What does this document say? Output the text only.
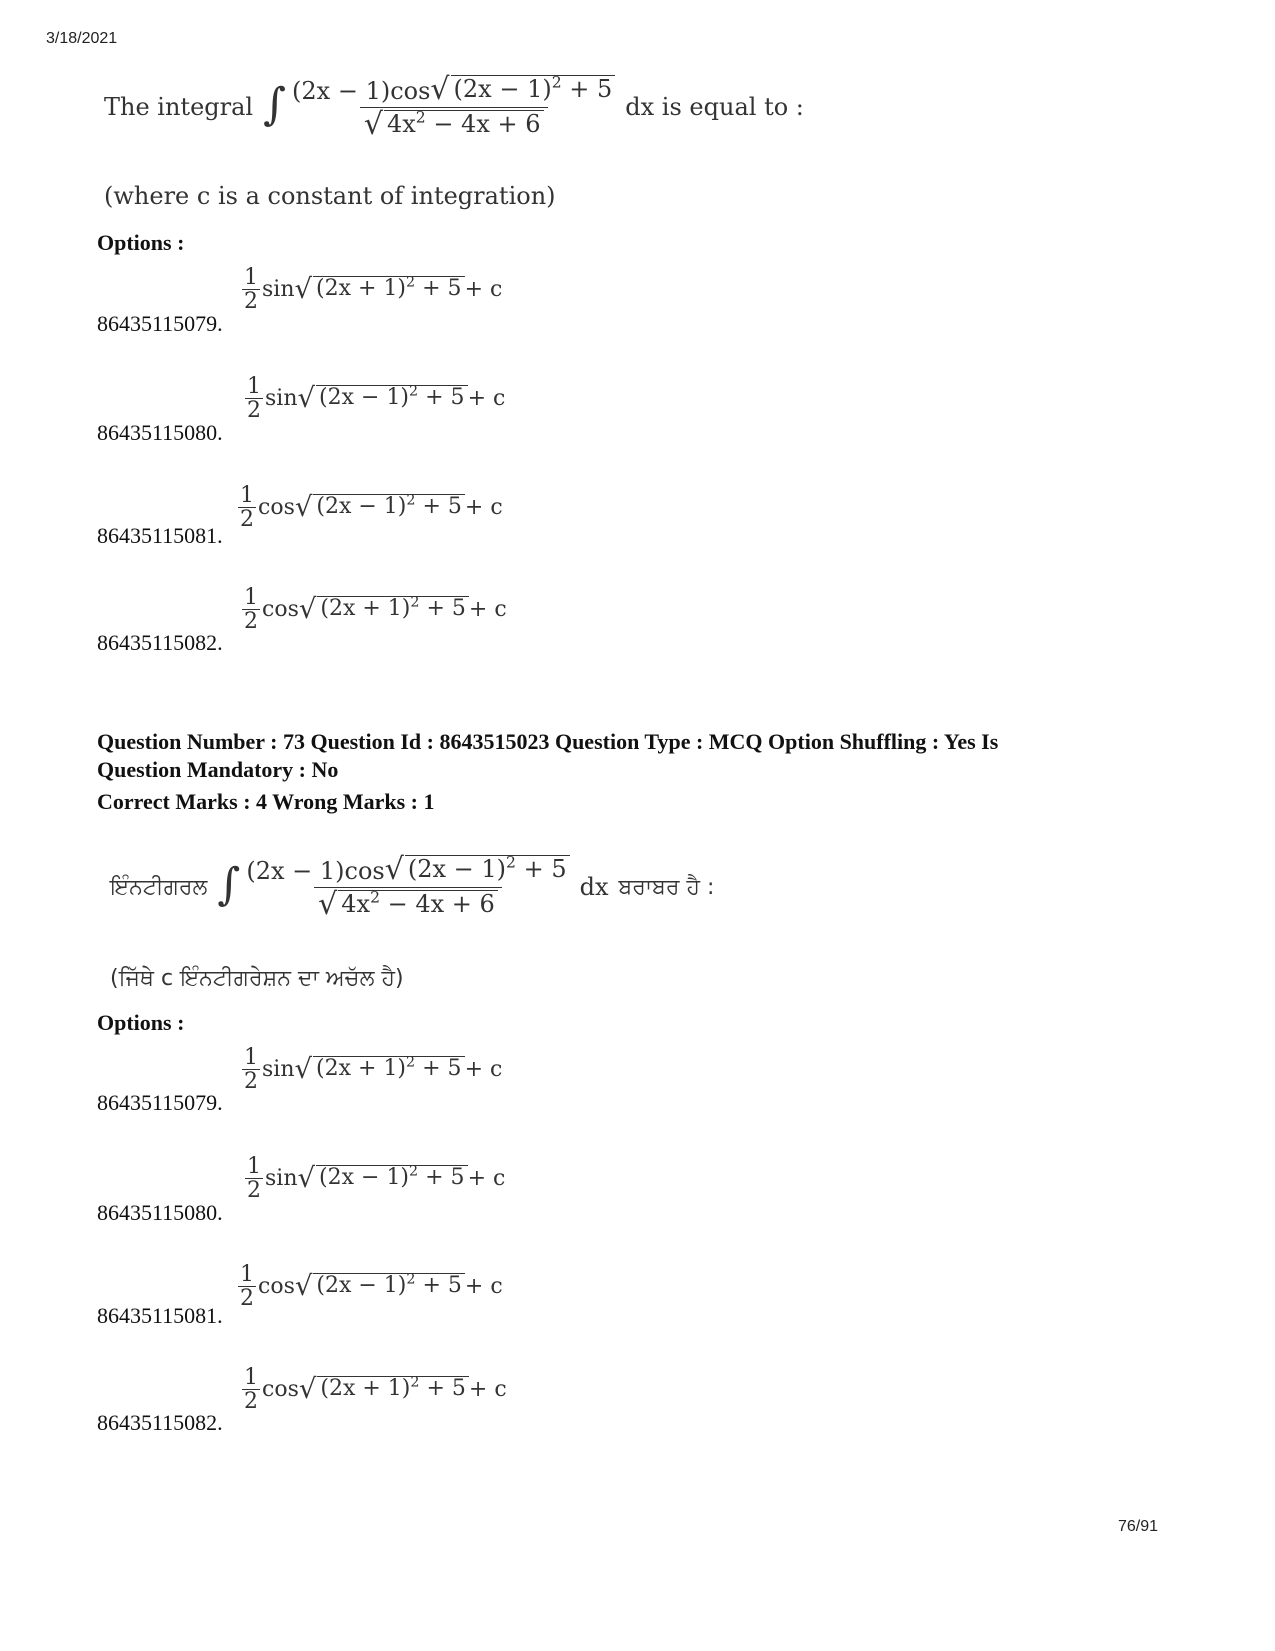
3/18/2021
The integral ∫ $\frac{(2x - 1)\cos √ (2x - 1)^2 + 5}{√ 4x^2 - 4x + 6}$ dx is equal to :
(where c is a constant of integration)
Options :
86435115079.
$\frac{1}{2}$ sin √ $(2x + 1)^2 + 5 + c$
86435115080.
$\frac{1}{2}$ sin √ $(2x - 1)^2 + 5 + c$
86435115081.
$\frac{1}{2}$ cos √ $(2x - 1)^2 + 5 + c$
86435115082.
$\frac{1}{2}$ cos √ $(2x + 1)^2 + 5 + c$
Question Number : 73 Question Id : 8643515023 Question Type : MCQ Option Shuffling : Yes Is
Question Mandatory : No
Correct Marks : 4 Wrong Marks : 1
ਇੰਨਟੀਗਰਲ ∫ $\frac{(2x - 1)\cos √ (2x - 1)^2 + 5}{√ 4x^2 - 4x + 6}$ dx ਬਰਾਬਰ ਹੈ :
(ਜਿੱਥੇ c ਇੰਨਟੀਗਰੇਸ਼ਨ ਦਾ ਅਚੱਲ ਹੈ)
Options :
86435115079.
$\frac{1}{2}$ sin √ $(2x + 1)^2 + 5 + c$
86435115080.
$\frac{1}{2}$ sin √ $(2x - 1)^2 + 5 + c$
86435115081.
$\frac{1}{2}$ cos √ $(2x - 1)^2 + 5 + c$
86435115082.
$\frac{1}{2}$ cos √ $(2x + 1)^2 + 5 + c$
76/91
